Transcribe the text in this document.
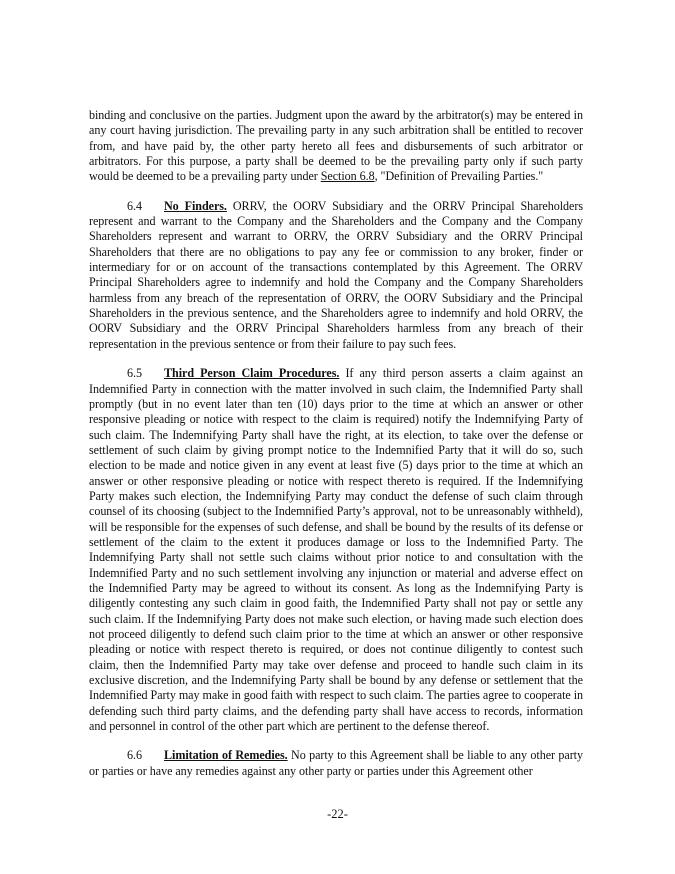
binding and conclusive on the parties. Judgment upon the award by the arbitrator(s) may be entered in any court having jurisdiction. The prevailing party in any such arbitration shall be entitled to recover from, and have paid by, the other party hereto all fees and disbursements of such arbitrator or arbitrators. For this purpose, a party shall be deemed to be the prevailing party only if such party would be deemed to be a prevailing party under Section 6.8, "Definition of Prevailing Parties."

6.4 No Finders. ORRV, the OORV Subsidiary and the ORRV Principal Shareholders represent and warrant to the Company and the Shareholders and the Company and the Company Shareholders represent and warrant to ORRV, the ORRV Subsidiary and the ORRV Principal Shareholders that there are no obligations to pay any fee or commission to any broker, finder or intermediary for or on account of the transactions contemplated by this Agreement. The ORRV Principal Shareholders agree to indemnify and hold the Company and the Company Shareholders harmless from any breach of the representation of ORRV, the OORV Subsidiary and the Principal Shareholders in the previous sentence, and the Shareholders agree to indemnify and hold ORRV, the OORV Subsidiary and the ORRV Principal Shareholders harmless from any breach of their representation in the previous sentence or from their failure to pay such fees.

6.5 Third Person Claim Procedures. If any third person asserts a claim against an Indemnified Party in connection with the matter involved in such claim, the Indemnified Party shall promptly (but in no event later than ten (10) days prior to the time at which an answer or other responsive pleading or notice with respect to the claim is required) notify the Indemnifying Party of such claim. The Indemnifying Party shall have the right, at its election, to take over the defense or settlement of such claim by giving prompt notice to the Indemnified Party that it will do so, such election to be made and notice given in any event at least five (5) days prior to the time at which an answer or other responsive pleading or notice with respect thereto is required. If the Indemnifying Party makes such election, the Indemnifying Party may conduct the defense of such claim through counsel of its choosing (subject to the Indemnified Party’s approval, not to be unreasonably withheld), will be responsible for the expenses of such defense, and shall be bound by the results of its defense or settlement of the claim to the extent it produces damage or loss to the Indemnified Party. The Indemnifying Party shall not settle such claims without prior notice to and consultation with the Indemnified Party and no such settlement involving any injunction or material and adverse effect on the Indemnified Party may be agreed to without its consent. As long as the Indemnifying Party is diligently contesting any such claim in good faith, the Indemnified Party shall not pay or settle any such claim. If the Indemnifying Party does not make such election, or having made such election does not proceed diligently to defend such claim prior to the time at which an answer or other responsive pleading or notice with respect thereto is required, or does not continue diligently to contest such claim, then the Indemnified Party may take over defense and proceed to handle such claim in its exclusive discretion, and the Indemnifying Party shall be bound by any defense or settlement that the Indemnified Party may make in good faith with respect to such claim. The parties agree to cooperate in defending such third party claims, and the defending party shall have access to records, information and personnel in control of the other part which are pertinent to the defense thereof.

6.6 Limitation of Remedies. No party to this Agreement shall be liable to any other party or parties or have any remedies against any other party or parties under this Agreement other

-22-
